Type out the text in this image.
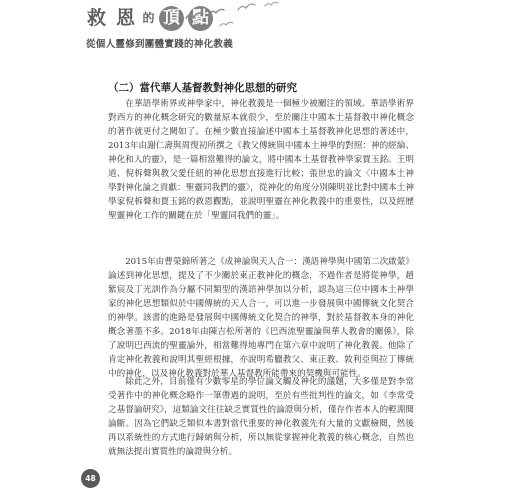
救 恩 的 頂 點
從個人靈修到團體實踐的神化教義
（二）當代華人基督教對神化思想的研究

在華語學術界或神學家中，神化教義是一個極少被關注的領域。華語學術界對西方的神化概念研究的數量原本就很少，至於關注中國本土基督教中神化概念的著作就更付之闕如了。在極少數直接論述中國本土基督教神化思想的著述中，2013年由謝仁壽與周復初所撰之《教父傳統與中國本土神學的對照：神的經綸、神化和人的靈》，是一篇相當難得的論文，將中國本土基督教神學家賈玉銘、王明道、倪柝聲與教父愛任紐的神化思想直接進行比較；張世忠的論文〈中國本土神學對神化論之貢獻：聖靈同我們的靈〉，從神化的角度分別陳明並比對中國本土神學家倪柝聲和賈玉銘的救恩觀點，並說明聖靈在神化教義中的重要性，以及經歷聖靈神化工作的關鍵在於「聖靈同我們的靈」。

2015年由曹榮錦所著之《成神論與天人合一：漢語神學與中國第二次啟蒙》論述到神化思想，提及了不少關於東正教神化的概念，不過作者是將從神學，趙紫宸及丁光訓作為分屬不同類型的漢語神學加以分析，認為這三位中國本土神學家的神化思想類似於中國傳統的天人合一，可以進一步發展與中國傳統文化契合的神學。該書的進路是發展與中國傳統文化契合的神學，對於基督教本身的神化概念著墨不多。2018年由陳吉松所著的《巴西流聖靈論與華人教會的關係》，除了說明巴西流的聖靈論外，相當難得地專門在第六章中說明了神化教義。他除了肯定神化教義和說明其聖經根據，亦說明希臘教父、東正教、敦利亞與拉丁傳統中的神化，以及神化教義對於華人基督教所能帶來的契機與可能性。

除此之外，目前僅有少數零星的學位論文觸及神化的議題，大多僅是對李常受著作中的神化概念略作一筆帶過的說明，至於有些批判性的論文，如《李常受之基督論研究》，這類論文往往缺乏實質性的論證與分析，僅存作者本人的輕淵閱論斷。因為它們缺乏類似本書對當代重要的神化教義先有大量的文獻檢閱，然後再以系統性的方式進行歸納與分析，所以無從掌握神化教義的核心概念，自然也就無法提出實質性的論證與分析。

48
